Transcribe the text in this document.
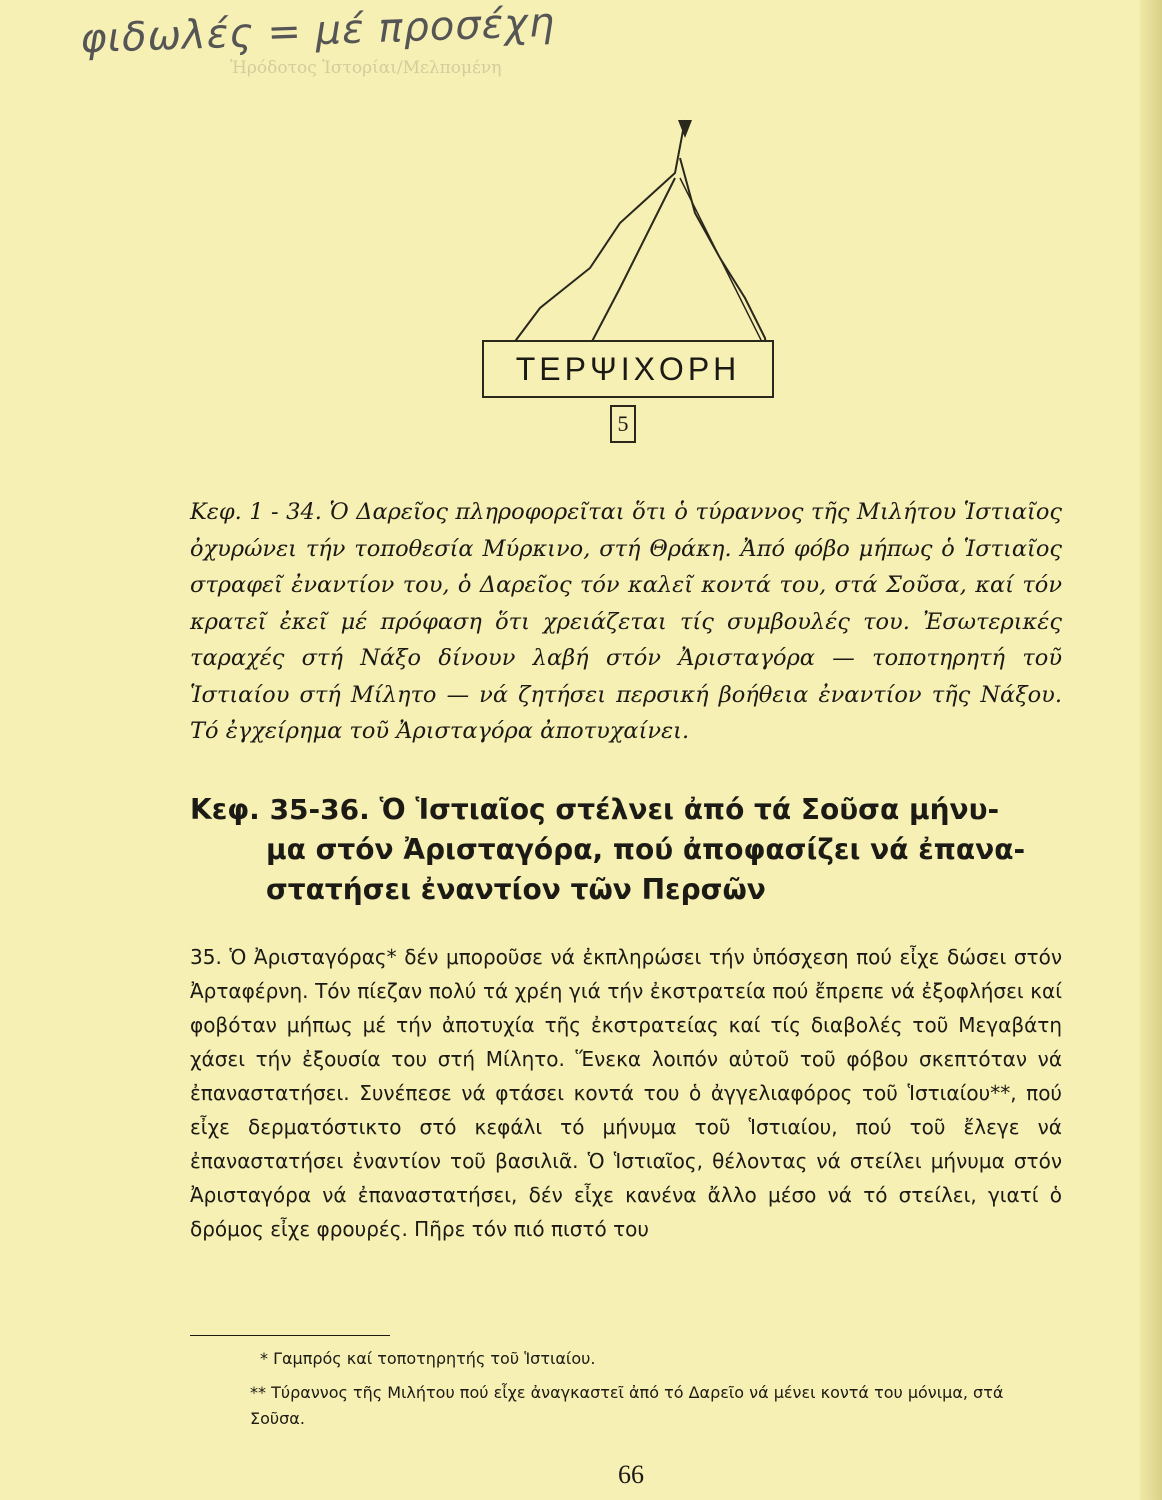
φιδωλές = μέ προσέχη
Ἡρόδοτος Ἱστορίαι/Μελπομένη
ΤΕΡΨΙΧΟΡΗ
5

Κεφ. 1 - 34. Ὁ Δαρεῖος πληροφορεῖται ὅτι ὁ τύραννος τῆς Μιλήτου Ἱστιαῖος ὀχυρώνει τήν τοποθεσία Μύρκινο, στή Θράκη. Ἀπό φόβο μήπως ὁ Ἱστιαῖος στραφεῖ ἐναντίον του, ὁ Δαρεῖος τόν καλεῖ κοντά του, στά Σοῦσα, καί τόν κρατεῖ ἐκεῖ μέ πρόφαση ὅτι χρειάζεται τίς συμβουλές του. Ἐσωτερικές ταραχές στή Νάξο δίνουν λαβή στόν Ἀρισταγόρα — τοποτηρητή τοῦ Ἱστιαίου στή Μίλητο — νά ζητήσει περσική βοήθεια ἐναντίον τῆς Νάξου. Τό ἐγχείρημα τοῦ Ἀρισταγόρα ἀποτυχαίνει.

Κεφ. 35-36. Ὁ Ἱστιαῖος στέλνει ἀπό τά Σοῦσα μήνυ-
μα στόν Ἀρισταγόρα, πού ἀποφασίζει νά ἐπανα-
στατήσει ἐναντίον τῶν Περσῶν

35. Ὁ Ἀρισταγόρας* δέν μποροῦσε νά ἐκπληρώσει τήν ὑπόσχεση πού εἶχε δώσει στόν Ἀρταφέρνη. Τόν πίεζαν πολύ τά χρέη γιά τήν ἐκστρατεία πού ἔπρεπε νά ἐξοφλήσει καί φοβόταν μήπως μέ τήν ἀποτυχία τῆς ἐκστρατείας καί τίς διαβολές τοῦ Μεγαβάτη χάσει τήν ἐξουσία του στή Μίλητο. Ἕνεκα λοιπόν αὐτοῦ τοῦ φόβου σκεπτόταν νά ἐπαναστατήσει. Συνέπεσε νά φτάσει κοντά του ὁ ἀγγελιαφόρος τοῦ Ἱστιαίου**, πού εἶχε δερματόστικτο στό κεφάλι τό μήνυμα τοῦ Ἱστιαίου, πού τοῦ ἔλεγε νά ἐπαναστατήσει ἐναντίον τοῦ βασιλιᾶ. Ὁ Ἱστιαῖος, θέλοντας νά στείλει μήνυμα στόν Ἀρισταγόρα νά ἐπαναστατήσει, δέν εἶχε κανένα ἄλλο μέσο νά τό στείλει, γιατί ὁ δρόμος εἶχε φρουρές. Πῆρε τόν πιό πιστό του

* Γαμπρός καί τοποτηρητής τοῦ Ἱστιαίου.

** Τύραννος τῆς Μιλήτου πού εἶχε ἀναγκαστεῖ ἀπό τό Δαρεῖο νά μένει κοντά του μόνιμα, στά Σοῦσα.

66
